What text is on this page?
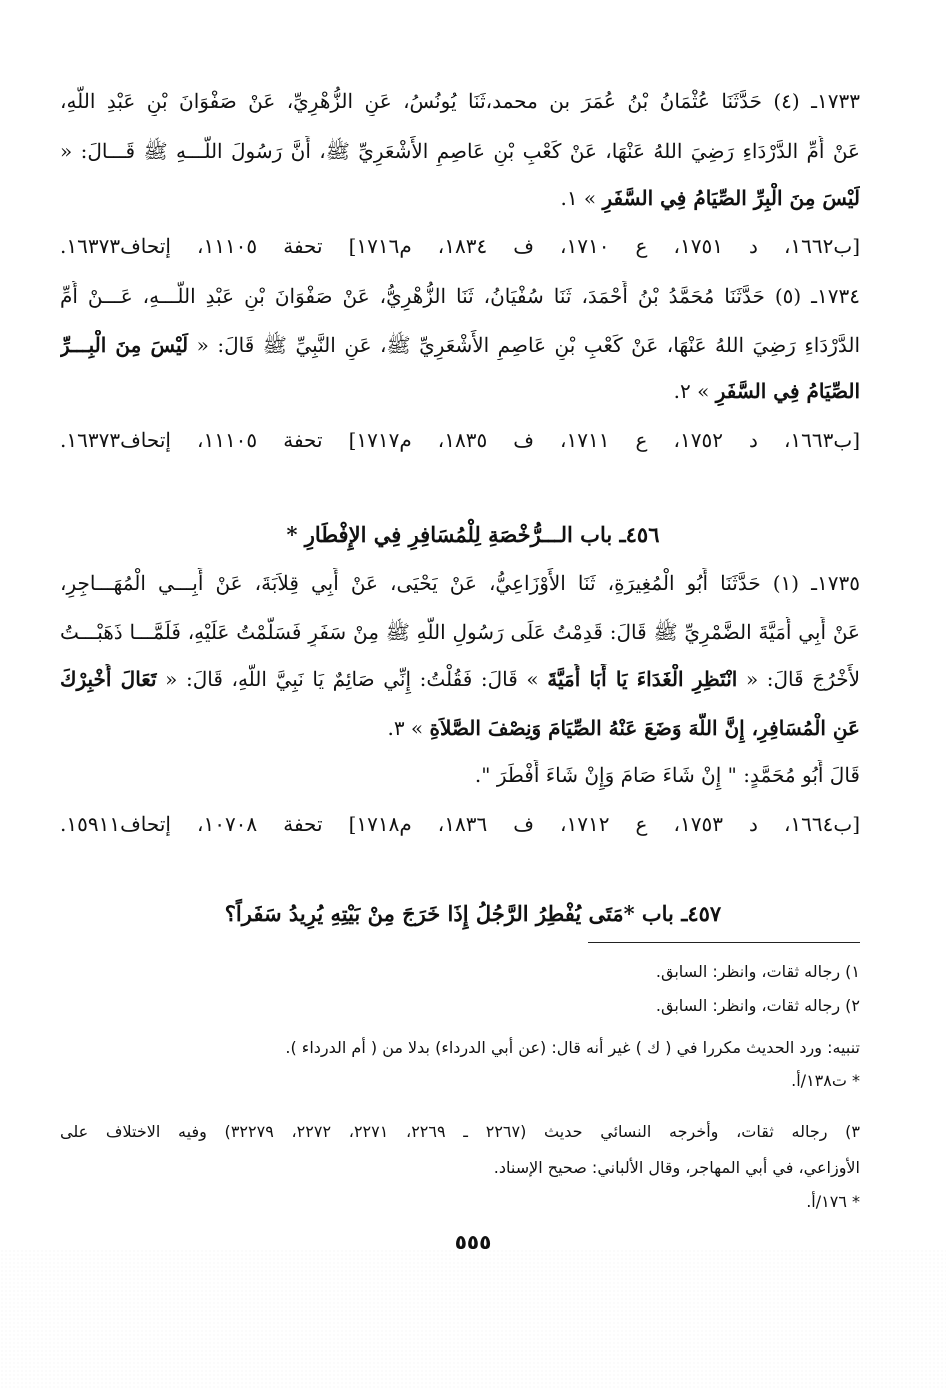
١٧٣٣ـ (٤) حَدَّثَنَا عُثْمَانُ بْنُ عُمَرَ بن محمد،ثَنَا يُونُسُ، عَنِ الزُّهْرِيِّ، عَنْ صَفْوَانَ بْنِ عَبْدِ اللَّهِ،
عَنْ أُمِّ الدَّرْدَاءِ رَضِيَ اللهُ عَنْهَا، عَنْ كَعْبِ بْنِ عَاصِمٍ الأَشْعَرِيِّ ﷺ، أَنَّ رَسُولَ اللَّـــهِ ﷺ قَـــالَ: «
لَيْسَ مِنَ الْبِرِّ الصِّيَامُ فِي السَّفَرِ » ١.
[ب١٦٦٢، د ١٧٥١، ع ١٧١٠، ف ١٨٣٤، م١٧١٦] تحفة ١١١٠٥، إتحاف١٦٣٧٣.
١٧٣٤ـ (٥) حَدَّثَنَا مُحَمَّدُ بْنُ أَحْمَدَ، ثَنَا سُفْيَانُ، ثَنَا الزُّهْرِيُّ، عَنْ صَفْوَانَ بْنِ عَبْدِ اللَّـــهِ، عَـــنْ أُمِّ
الدَّرْدَاءِ رَضِيَ اللهُ عَنْهَا، عَنْ كَعْبِ بْنِ عَاصِمٍ الأَشْعَرِيِّ ﷺ، عَنِ النَّبِيِّ ﷺ قَالَ: « لَيْسَ مِنَ الْبِـــرِّ
الصِّيَامُ فِي السَّفَرِ » ٢.
[ب١٦٦٣، د ١٧٥٢، ع ١٧١١، ف ١٨٣٥، م١٧١٧] تحفة ١١١٠٥، إتحاف١٦٣٧٣.
٤٥٦ـ باب الـــرُّخْصَةِ لِلْمُسَافِرِ فِي الإِفْطَارِ *
١٧٣٥ـ (١) حَدَّثَنَا أَبُو الْمُغِيرَةِ، ثَنَا الأَوْزَاعِيُّ، عَنْ يَحْيَى، عَنْ أَبِي قِلاَبَةَ، عَنْ أَبِـــي الْمُهَـــاجِرِ،
عَنْ أَبِي أُمَيَّةَ الضَّمْرِيِّ ﷺ قَالَ: قَدِمْتُ عَلَى رَسُولِ اللَّهِ ﷺ مِنْ سَفَرٍ فَسَلَّمْتُ عَلَيْهِ، فَلَمَّـــا ذَهَبْـــتُ
لأَخْرُجَ قَالَ: « انْتَظِرِ الْغَدَاءَ يَا أَبَا أُمَيَّةَ » قَالَ: فَقُلْتُ: إِنِّي صَائِمٌ يَا نَبِيَّ اللَّهِ، قَالَ: « تَعَالَ أُخْبِرْكَ
عَنِ الْمُسَافِرِ، إِنَّ اللَّهَ وَضَعَ عَنْهُ الصِّيَامَ وَنِصْفَ الصَّلاَةِ » ٣.
قَالَ أَبُو مُحَمَّدٍ: " إِنْ شَاءَ صَامَ وَإِنْ شَاءَ أَفْطَرَ ".
[ب١٦٦٤، د ١٧٥٣، ع ١٧١٢، ف ١٨٣٦، م١٧١٨] تحفة ١٠٧٠٨، إتحاف١٥٩١١.
٤٥٧ـ باب *مَتَى يُفْطِرُ الرَّجُلُ إِذَا خَرَجَ مِنْ بَيْتِهِ يُرِيدُ سَفَراً؟
١) رجاله ثقات، وانظر: السابق.
٢) رجاله ثقات، وانظر: السابق.
تنبيه: ورد الحديث مكررا في ( ك ) غير أنه قال: (عن أبي الدرداء) بدلا من ( أم الدرداء ).
* ت١٣٨/أ.
٣) رجاله ثقات، وأخرجه النسائي حديث (٢٢٦٧ ـ ٢٢٦٩، ٢٢٧١، ٢٢٧٢، ٣٢٢٧٩) وفيه الاختلاف على
الأوزاعي، في أبي المهاجر، وقال الألباني: صحيح الإسناد.
* ١٧٦/أ.
٥٥٥
